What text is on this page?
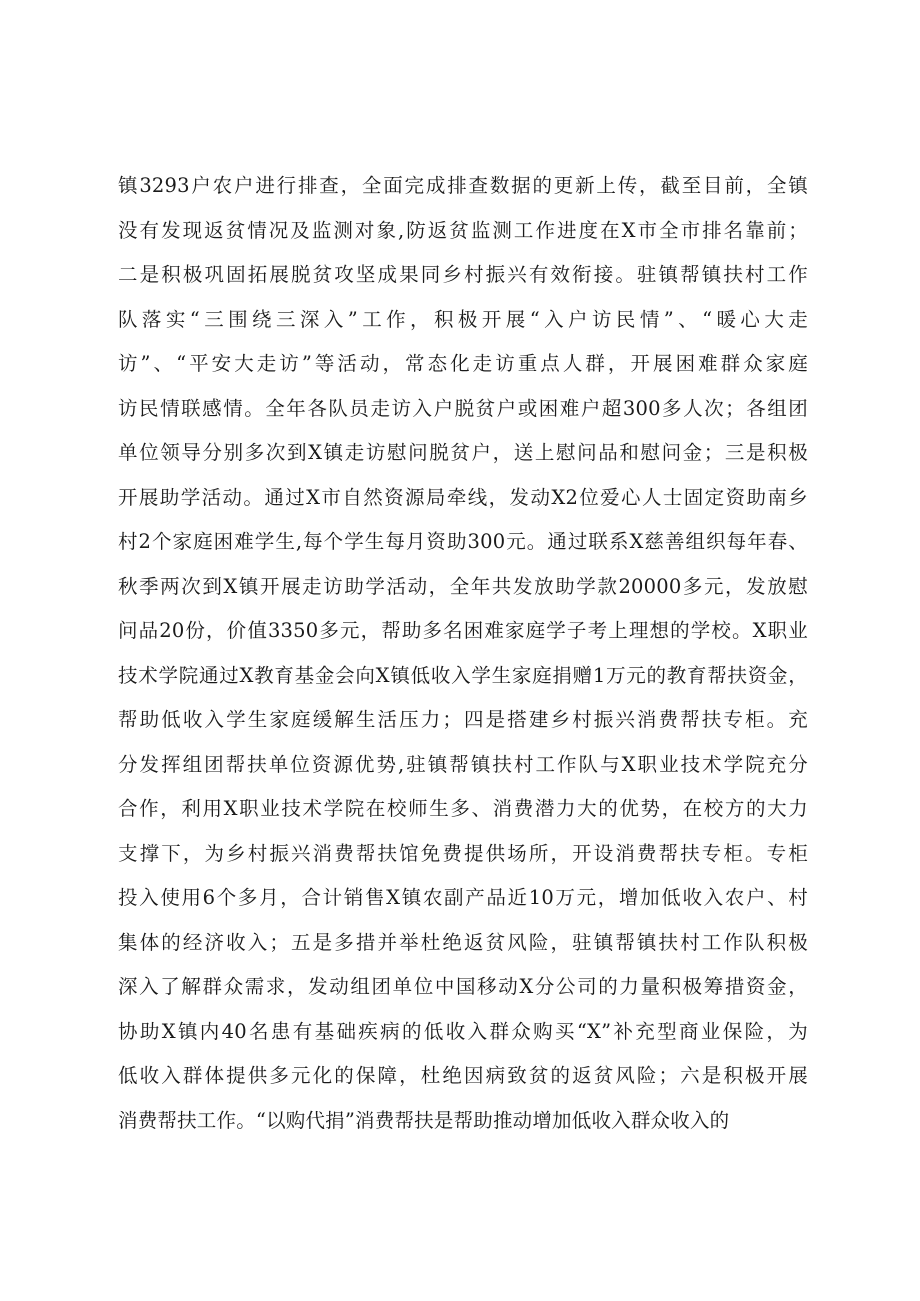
镇3293户农户进行排查，全面完成排查数据的更新上传，截至目前，全镇
没有发现返贫情况及监测对象,防返贫监测工作进度在X市全市排名靠前；
二是积极巩固拓展脱贫攻坚成果同乡村振兴有效衔接。驻镇帮镇扶村工作
队落实“三围绕三深入”工作，积极开展“入户访民情”、“暖心大走
访”、“平安大走访”等活动，常态化走访重点人群，开展困难群众家庭
访民情联感情。全年各队员走访入户脱贫户或困难户超300多人次；各组团
单位领导分别多次到X镇走访慰问脱贫户，送上慰问品和慰问金；三是积极
开展助学活动。通过X市自然资源局牵线，发动X2位爱心人士固定资助南乡
村2个家庭困难学生,每个学生每月资助300元。通过联系X慈善组织每年春、
秋季两次到X镇开展走访助学活动，全年共发放助学款20000多元，发放慰
问品20份，价值3350多元，帮助多名困难家庭学子考上理想的学校。X职业
技术学院通过X教育基金会向X镇低收入学生家庭捐赠1万元的教育帮扶资金，
帮助低收入学生家庭缓解生活压力；四是搭建乡村振兴消费帮扶专柜。充
分发挥组团帮扶单位资源优势,驻镇帮镇扶村工作队与X职业技术学院充分
合作，利用X职业技术学院在校师生多、消费潜力大的优势，在校方的大力
支撑下，为乡村振兴消费帮扶馆免费提供场所，开设消费帮扶专柜。专柜
投入使用6个多月，合计销售X镇农副产品近10万元，增加低收入农户、村
集体的经济收入；五是多措并举杜绝返贫风险，驻镇帮镇扶村工作队积极
深入了解群众需求，发动组团单位中国移动X分公司的力量积极筹措资金，
协助X镇内40名患有基础疾病的低收入群众购买“X”补充型商业保险，为
低收入群体提供多元化的保障，杜绝因病致贫的返贫风险；六是积极开展
消费帮扶工作。“以购代捐”消费帮扶是帮助推动增加低收入群众收入的
